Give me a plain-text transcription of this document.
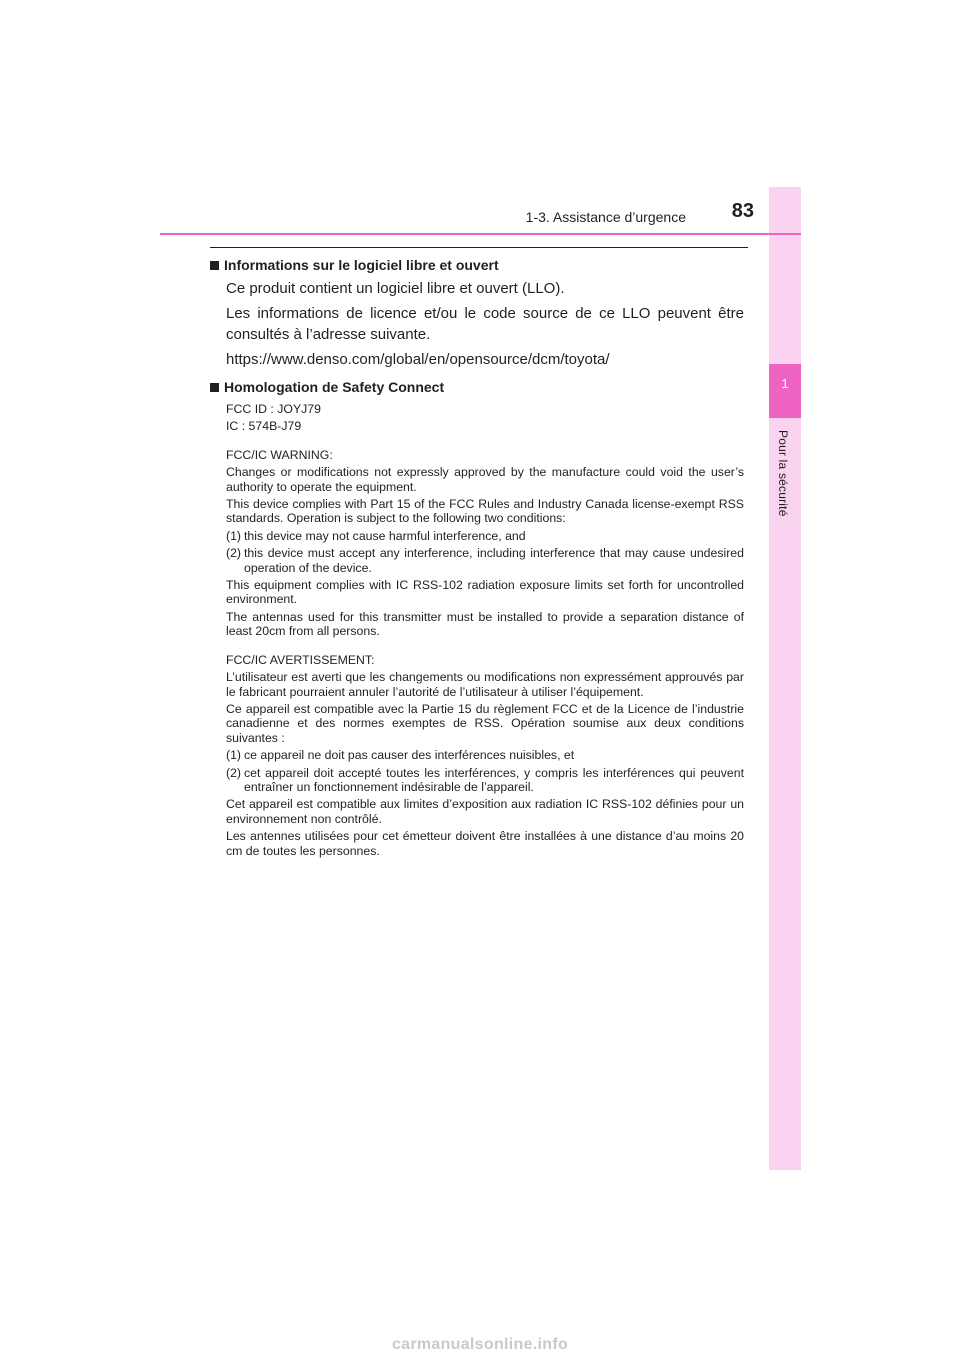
1
Pour la sécurité
1-3. Assistance d’urgence	83
Informations sur le logiciel libre et ouvert

Ce produit contient un logiciel libre et ouvert (LLO).

Les informations de licence et/ou le code source de ce LLO peuvent être consultés à l’adresse suivante.

https://www.denso.com/global/en/opensource/dcm/toyota/

Homologation de Safety Connect

FCC ID : JOYJ79

IC : 574B-J79

FCC/IC WARNING:

Changes or modifications not expressly approved by the manufacture could void the user’s authority to operate the equipment.

This device complies with Part 15 of the FCC Rules and Industry Canada license-exempt RSS standards. Operation is subject to the following two conditions:

(1) this device may not cause harmful interference, and
(2) this device must accept any interference, including interference that may cause undesired operation of the device.

This equipment complies with IC RSS-102 radiation exposure limits set forth for uncontrolled environment.

The antennas used for this transmitter must be installed to provide a separation distance of least 20cm from all persons.

FCC/IC AVERTISSEMENT:

L’utilisateur est averti que les changements ou modifications non expressément approuvés par le fabricant pourraient annuler l’autorité de l’utilisateur à utiliser l’équipement.

Ce appareil est compatible avec la Partie 15 du règlement FCC et de la Licence de l’industrie canadienne et des normes exemptes de RSS. Opération soumise aux deux conditions suivantes :

(1) ce appareil ne doit pas causer des interférences nuisibles, et
(2) cet appareil doit accepté toutes les interférences, y compris les interférences qui peuvent entraîner un fonctionnement indésirable de l’appareil.

Cet appareil est compatible aux limites d’exposition aux radiation IC RSS-102 définies pour un environnement non contrôlé.

Les antennes utilisées pour cet émetteur doivent être installées à une distance d’au moins 20 cm de toutes les personnes.

carmanualsonline.info
